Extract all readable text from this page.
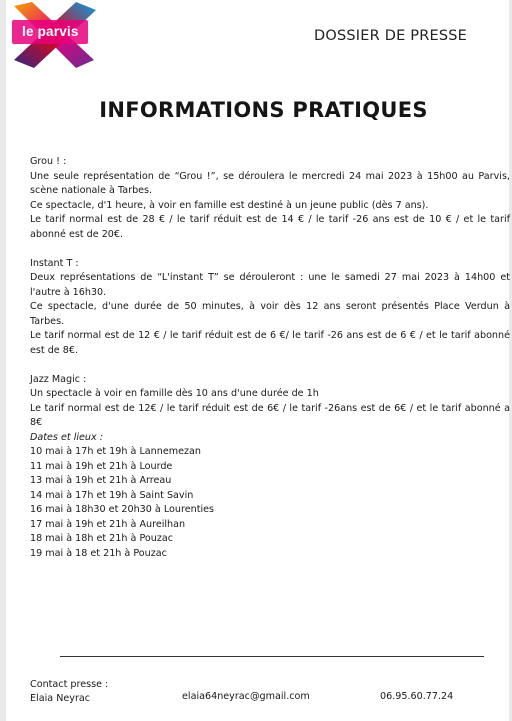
le parvis	DOSSIER DE PRESSE
INFORMATIONS PRATIQUES

Grou ! :

Une seule représentation de “Grou !”, se déroulera le mercredi 24 mai 2023 à 15h00 au Parvis, scène nationale à Tarbes.

Ce spectacle, d'1 heure, à voir en famille est destiné à un jeune public (dès 7 ans).

Le tarif normal est de 28 € / le tarif réduit est de 14 € / le tarif -26 ans est de 10 € / et le tarif abonné est de 20€.

Instant T :

Deux représentations de “L'instant T” se dérouleront : une le samedi 27 mai 2023 à 14h00 et l'autre à 16h30.

Ce spectacle, d'une durée de 50 minutes, à voir dès 12 ans seront présentés Place Verdun à Tarbes.

Le tarif normal est de 12 € / le tarif réduit est de 6 €/ le tarif -26 ans est de 6 € / et le tarif abonné est de 8€.

Jazz Magic :

Un spectacle à voir en famille dès 10 ans d'une durée de 1h

Le tarif normal est de 12€ / le tarif réduit est de 6€ / le tarif -26ans est de 6€ / et le tarif abonné a 8€

Dates et lieux :

10 mai à 17h et 19h à Lannemezan

11 mai à 19h et 21h à Lourde

13 mai à 19h et 21h à Arreau

14 mai à 17h et 19h à Saint Savin

16 mai à 18h30 et 20h30 à Lourenties

17 mai à 19h et 21h à Aureilhan

18 mai à 18h et 21h à Pouzac

19 mai à 18 et 21h à Pouzac

Contact presse :
Elaia Neyrac	elaia64neyrac@gmail.com	06.95.60.77.24
